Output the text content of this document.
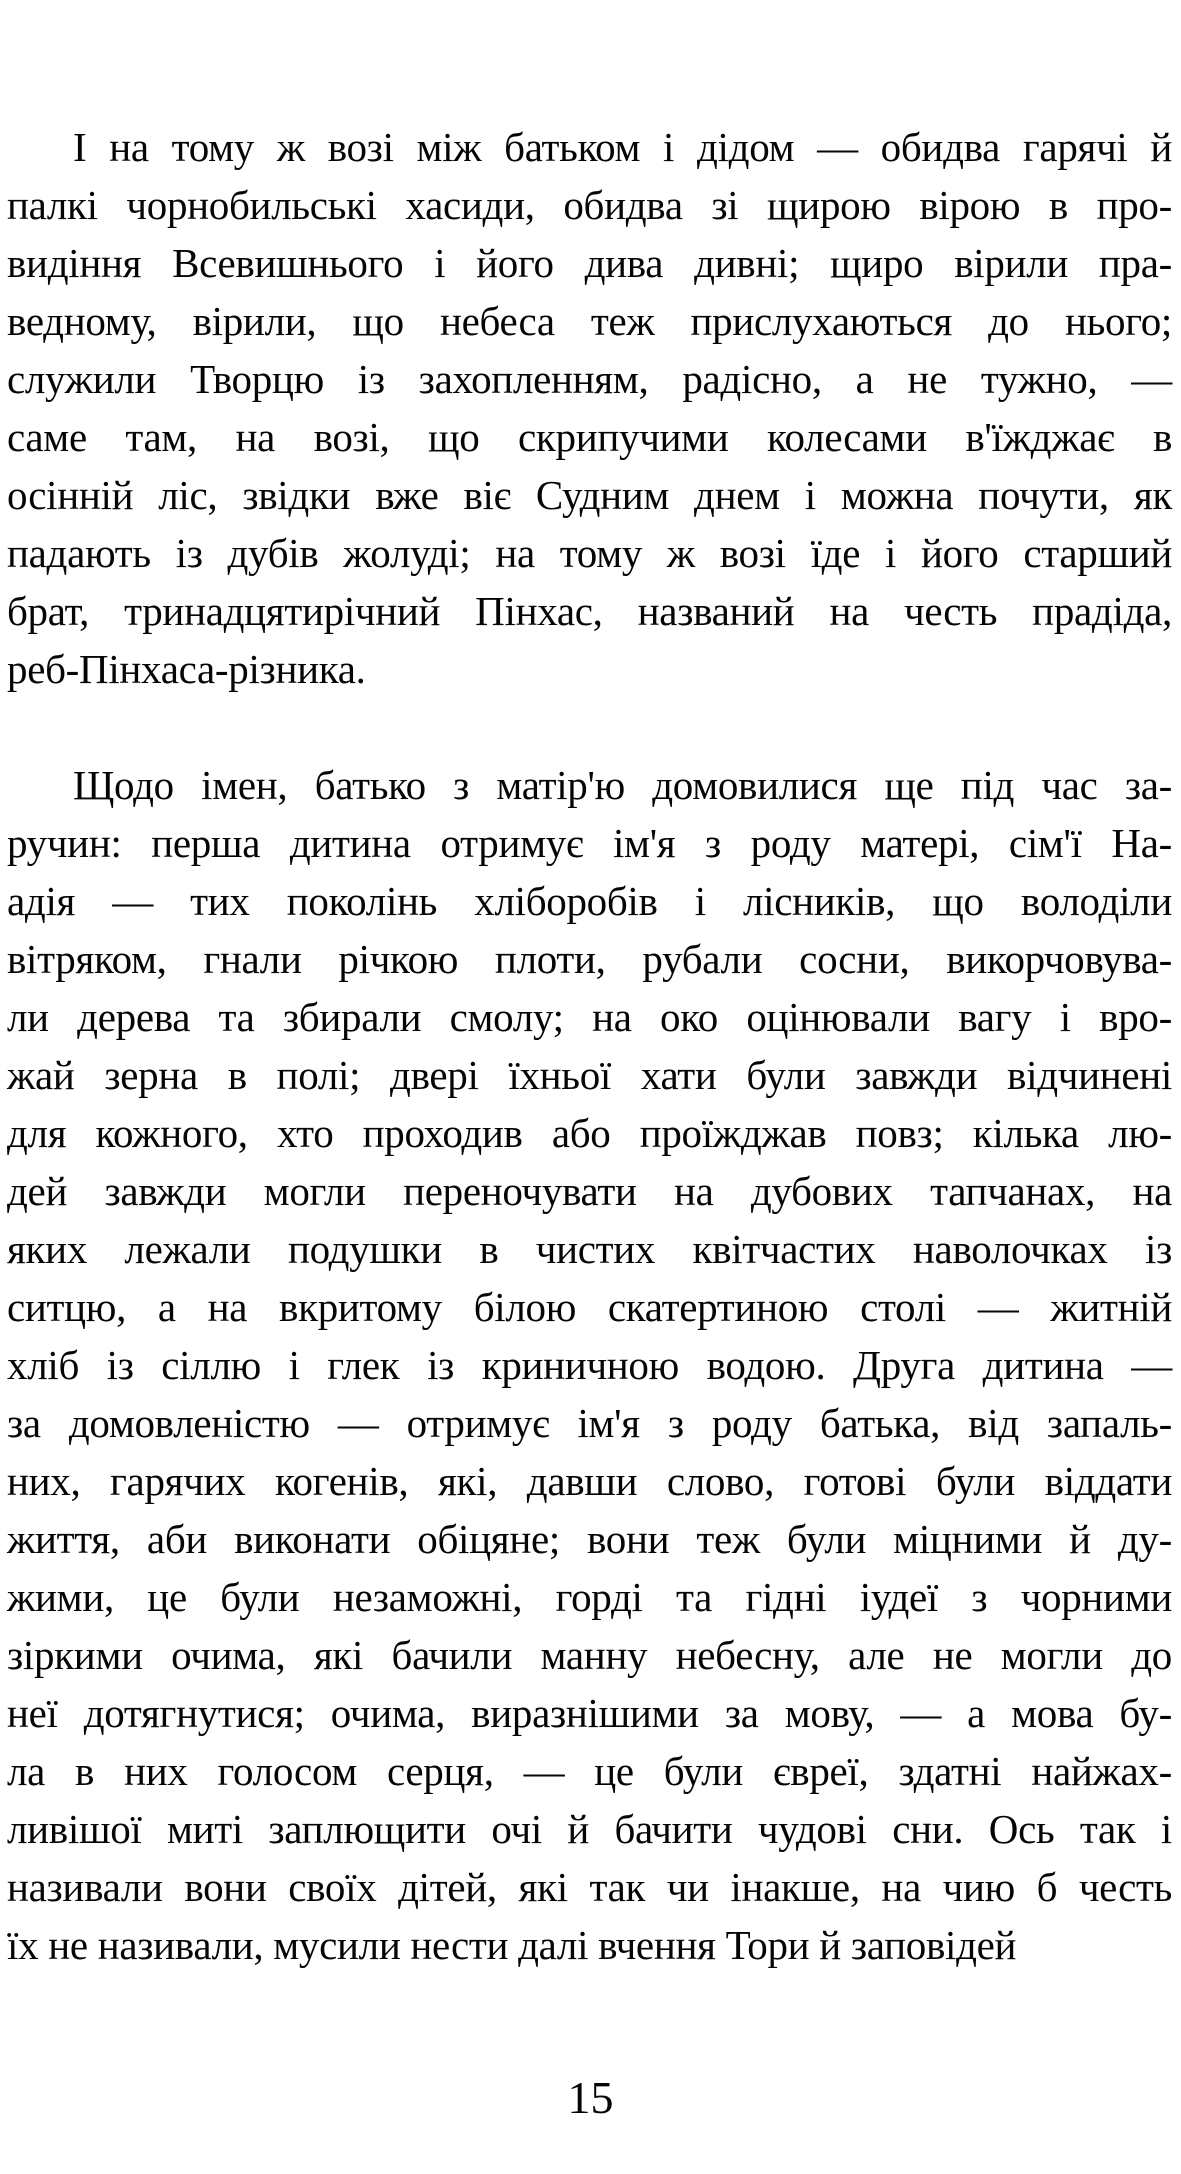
І на тому ж возі між батьком і дідом — обидва гарячі й
палкі чорнобильські хасиди, обидва зі щирою вірою в про-
видіння Всевишнього і його дива дивні; щиро вірили пра-
ведному, вірили, що небеса теж прислухаються до нього;
служили Творцю із захопленням, радісно, а не тужно, —
саме там, на возі, що скрипучими колесами в'їжджає в
осінній ліс, звідки вже віє Судним днем і можна почути, як
падають із дубів жолуді; на тому ж возі їде і його старший
брат, тринадцятирічний Пінхас, названий на честь прадіда,
реб-Пінхаса-різника.
Щодо імен, батько з матір'ю домовилися ще під час за-
ручин: перша дитина отримує ім'я з роду матері, сім'ї На-
адія — тих поколінь хліборобів і лісників, що володіли
вітряком, гнали річкою плоти, рубали сосни, викорчовува-
ли дерева та збирали смолу; на око оцінювали вагу і вро-
жай зерна в полі; двері їхньої хати були завжди відчинені
для кожного, хто проходив або проїжджав повз; кілька лю-
дей завжди могли переночувати на дубових тапчанах, на
яких лежали подушки в чистих квітчастих наволочках із
ситцю, а на вкритому білою скатертиною столі — житній
хліб із сіллю і глек із криничною водою. Друга дитина —
за домовленістю — отримує ім'я з роду батька, від запаль-
них, гарячих когенів, які, давши слово, готові були віддати
життя, аби виконати обіцяне; вони теж були міцними й ду-
жими, це були незаможні, горді та гідні іудеї з чорними
зіркими очима, які бачили манну небесну, але не могли до
неї дотягнутися; очима, виразнішими за мову, — а мова бу-
ла в них голосом серця, — це були євреї, здатні найжах-
ливішої миті заплющити очі й бачити чудові сни. Ось так і
називали вони своїх дітей, які так чи інакше, на чию б честь
їх не називали, мусили нести далі вчення Тори й заповідей
15
